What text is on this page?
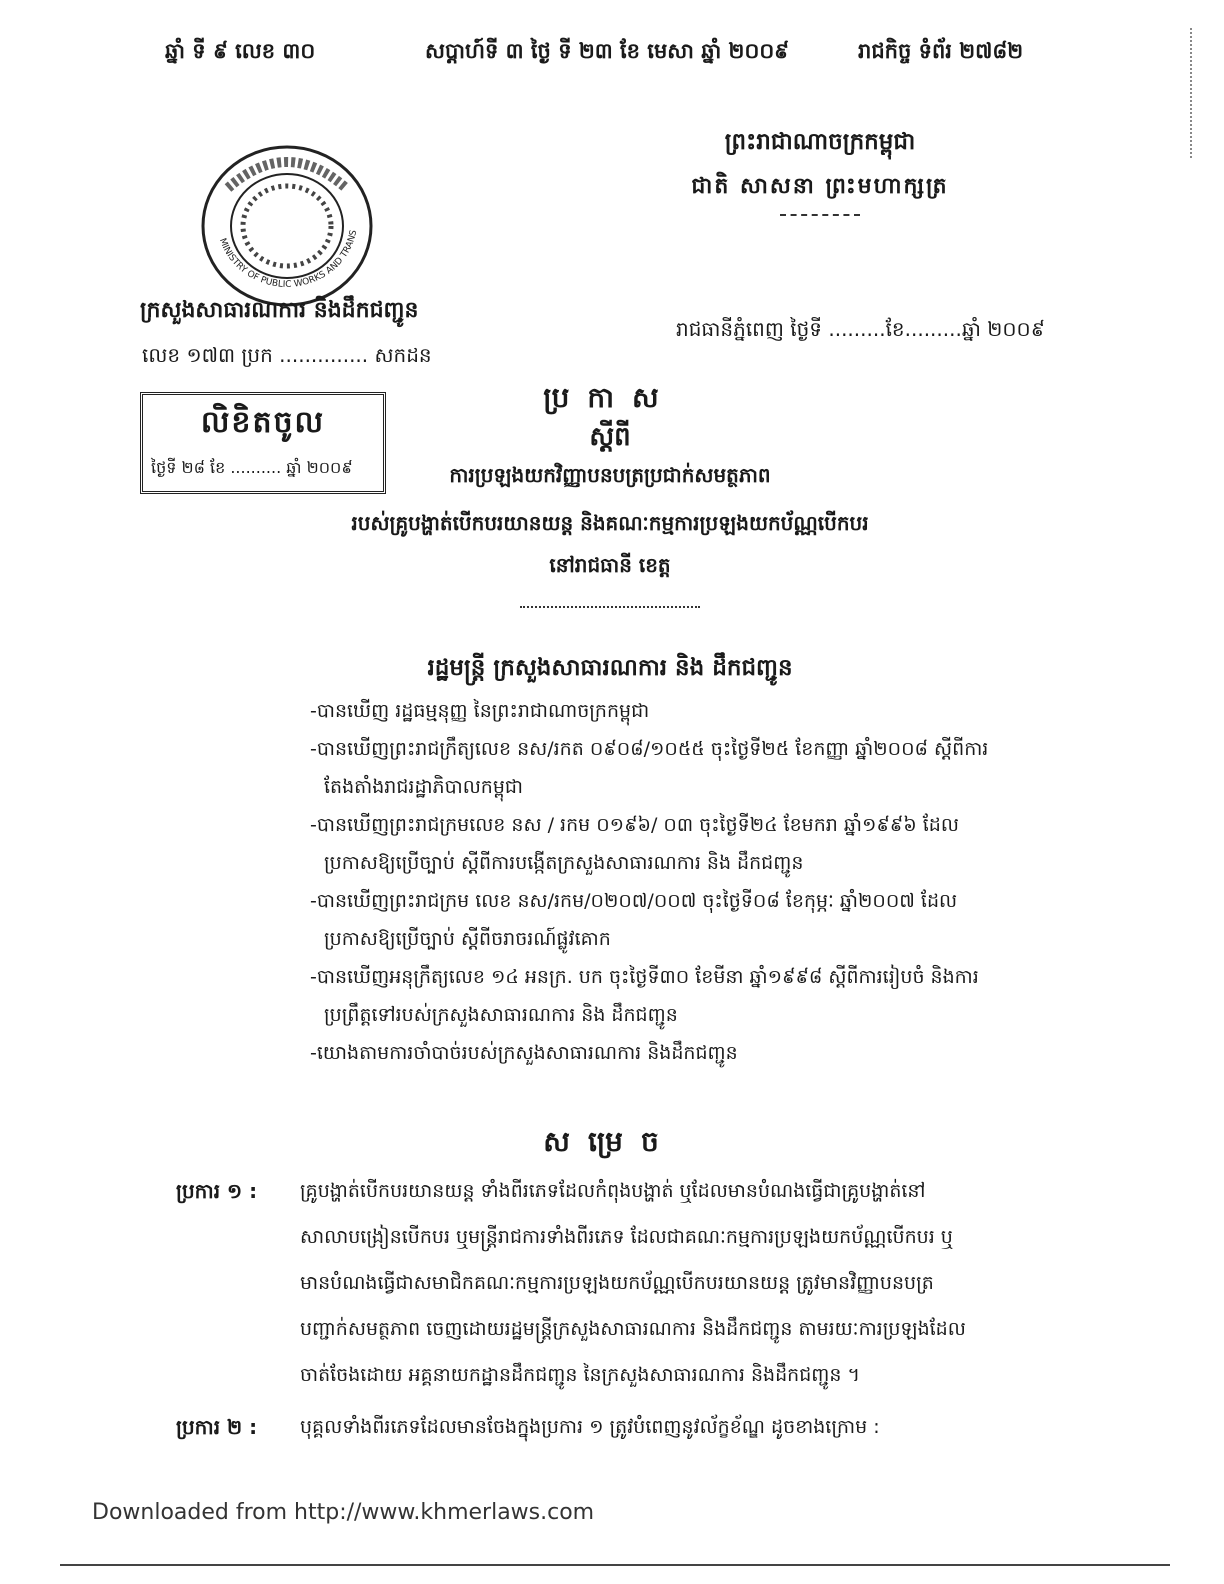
ឆ្នាំ ទី ៩ លេខ ៣០	សប្តាហ៍ទី ៣ ថ្ងៃ ទី ២៣ ខែ មេសា ឆ្នាំ ២០០៩	រាជកិច្ច ទំព័រ ២៧៨២
ព្រះរាជាណាចក្រកម្ពុជា
ជាតិ សាសនា ព្រះមហាក្សត្រ
MINISTRY OF PUBLIC WORKS AND TRANS
ក្រសួងសាធារណការ និងដឹកជញ្ជូន
លេខ ១៧៣ ប្រក .............. សកដន
រាជធានីភ្នំពេញ ថ្ងៃទី .........ខែ.........ឆ្នាំ ២០០៩
លិខិតចូល
ថ្ងៃទី ២៨ ខែ .......... ឆ្នាំ ២០០៩
ប្រកាស
ស្តីពី
ការប្រឡងយកវិញ្ញាបនបត្រប្រជាក់សមត្ថភាព
របស់គ្រូបង្ហាត់បើកបរយានយន្ត និងគណៈកម្មការប្រឡងយកប័ណ្ណបើកបរ
នៅរាជធានី ខេត្ត
រដ្ឋមន្ត្រី ក្រសួងសាធារណការ និង ដឹកជញ្ជូន
-បានឃើញ រដ្ឋធម្មនុញ្ញ នៃព្រះរាជាណាចក្រកម្ពុជា
-បានឃើញព្រះរាជក្រឹត្យលេខ នស/រកត ០៩០៨/១០៥៥ ចុះថ្ងៃទី២៥ ខែកញ្ញា ឆ្នាំ២០០៨ ស្តីពីការ
តែងតាំងរាជរដ្ឋាភិបាលកម្ពុជា
-បានឃើញព្រះរាជក្រមលេខ នស / រកម ០១៩៦/ ០៣ ចុះថ្ងៃទី២៤ ខែមករា ឆ្នាំ១៩៩៦ ដែល
ប្រកាសឱ្យប្រើច្បាប់ ស្តីពីការបង្កើតក្រសួងសាធារណការ និង ដឹកជញ្ជូន
-បានឃើញព្រះរាជក្រម លេខ នស/រកម/០២០៧/០០៧ ចុះថ្ងៃទី០៨ ខែកុម្ភៈ ឆ្នាំ២០០៧ ដែល
ប្រកាសឱ្យប្រើច្បាប់ ស្តីពីចរាចរណ៍ផ្លូវគោក
-បានឃើញអនុក្រឹត្យលេខ ១៤ អនក្រ. បក ចុះថ្ងៃទី៣០ ខែមីនា ឆ្នាំ១៩៩៨ ស្តីពីការរៀបចំ និងការ
ប្រព្រឹត្តទៅរបស់ក្រសួងសាធារណការ និង ដឹកជញ្ជូន
-យោងតាមការចាំបាច់របស់ក្រសួងសាធារណការ និងដឹកជញ្ជូន
សម្រេច
ប្រការ ១ : គ្រូបង្ហាត់បើកបរយានយន្ត ទាំងពីរភេទដែលកំពុងបង្ហាត់ ឬដែលមានបំណងធ្វើជាគ្រូបង្ហាត់នៅ
សាលាបង្រៀនបើកបរ ឬមន្ត្រីរាជការទាំងពីរភេទ ដែលជាគណៈកម្មការប្រឡងយកប័ណ្ណបើកបរ ឬ
មានបំណងធ្វើជាសមាជិកគណៈកម្មការប្រឡងយកប័ណ្ណបើកបរយានយន្ត ត្រូវមានវិញ្ញាបនបត្រ
បញ្ជាក់សមត្ថភាព ចេញដោយរដ្ឋមន្ត្រីក្រសួងសាធារណការ និងដឹកជញ្ជូន តាមរយៈការប្រឡងដែល
ចាត់ចែងដោយ អគ្គនាយកដ្ឋានដឹកជញ្ជូន នៃក្រសួងសាធារណការ និងដឹកជញ្ជូន ។
ប្រការ ២ : បុគ្គលទាំងពីរភេទដែលមានចែងក្នុងប្រការ ១ ត្រូវបំពេញនូវល័ក្ខខ័ណ្ឌ ដូចខាងក្រោម :
Downloaded from http://www.khmerlaws.com
